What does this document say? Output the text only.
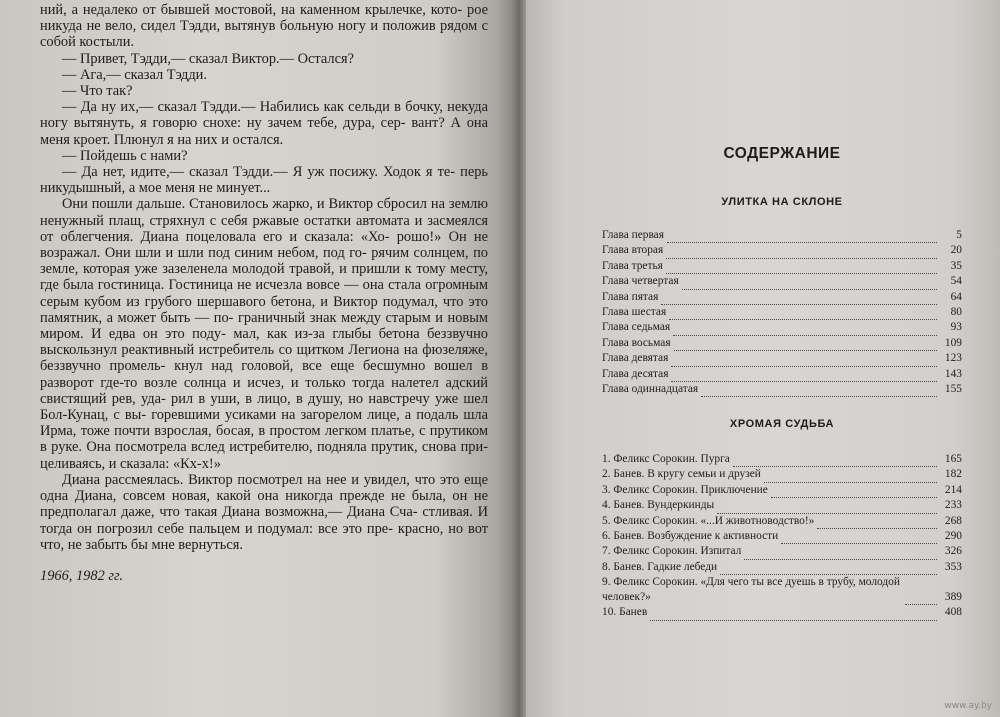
ний, а недалеко от бывшей мостовой, на каменном крылечке, кото- рое никуда не вело, сидел Тэдди, вытянув больную ногу и положив рядом с собой костыли.

— Привет, Тэдди,— сказал Виктор.— Остался?

— Ага,— сказал Тэдди.

— Что так?

— Да ну их,— сказал Тэдди.— Набились как сельди в бочку, некуда ногу вытянуть, я говорю снохе: ну зачем тебе, дура, сер- вант? А она меня кроет. Плюнул я на них и остался.

— Пойдешь с нами?

— Да нет, идите,— сказал Тэдди.— Я уж посижу. Ходок я те- перь никудышный, а мое меня не минует...

Они пошли дальше. Становилось жарко, и Виктор сбросил на землю ненужный плащ, стряхнул с себя ржавые остатки автомата и засмеялся от облегчения. Диана поцеловала его и сказала: «Хо- рошо!» Он не возражал. Они шли и шли под синим небом, под го- рячим солнцем, по земле, которая уже зазеленела молодой травой, и пришли к тому месту, где была гостиница. Гостиница не исчезла вовсе — она стала огромным серым кубом из грубого шершавого бетона, и Виктор подумал, что это памятник, а может быть — по- граничный знак между старым и новым миром. И едва он это поду- мал, как из-за глыбы бетона беззвучно выскользнул реактивный истребитель со щитком Легиона на фюзеляже, беззвучно промель- кнул над головой, все еще бесшумно вошел в разворот где-то возле солнца и исчез, и только тогда налетел адский свистящий рев, уда- рил в уши, в лицо, в душу, но навстречу уже шел Бол-Кунац, с вы- горевшими усиками на загорелом лице, а подаль шла Ирма, тоже почти взрослая, босая, в простом легком платье, с прутиком в руке. Она посмотрела вслед истребителю, подняла прутик, снова при- целиваясь, и сказала: «Кх-х!»

Диана рассмеялась. Виктор посмотрел на нее и увидел, что это еще одна Диана, совсем новая, какой она никогда прежде не была, он не предполагал даже, что такая Диана возможна,— Диана Сча- стливая. И тогда он погрозил себе пальцем и подумал: все это пре- красно, но вот что, не забыть бы мне вернуться.

1966, 1982 гг.

СОДЕРЖАНИЕ
УЛИТКА НА СКЛОНЕ
Глава первая	5
Глава вторая	20
Глава третья	35
Глава четвертая	54
Глава пятая	64
Глава шестая	80
Глава седьмая	93
Глава восьмая	109
Глава девятая	123
Глава десятая	143
Глава одиннадцатая	155
ХРОМАЯ СУДЬБА
1. Феликс Сорокин. Пурга	165
2. Банев. В кругу семьи и друзей	182
3. Феликс Сорокин. Приключение	214
4. Банев. Вундеркинды	233
5. Феликс Сорокин. «...И животноводство!»	268
6. Банев. Возбуждение к активности	290
7. Феликс Сорокин. Изпитал	326
8. Банев. Гадкие лебеди	353
9. Феликс Сорокин. «Для чего ты все дуешь в трубу, молодой человек?»	389
10. Банев	408
www.ay.by
